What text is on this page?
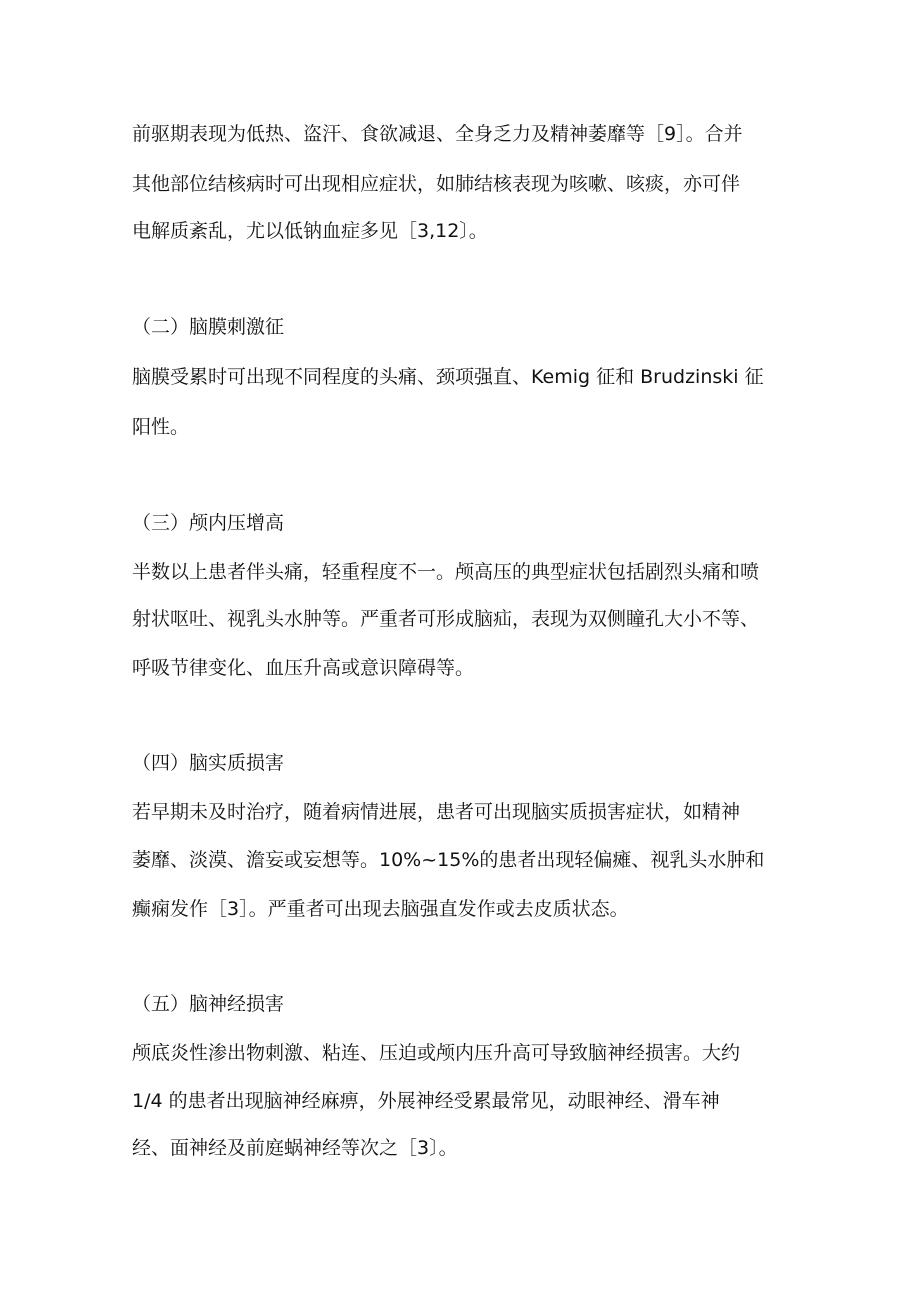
前驱期表现为低热、盗汗、食欲减退、全身乏力及精神萎靡等［9］。合并
其他部位结核病时可出现相应症状，如肺结核表现为咳嗽、咳痰，亦可伴
电解质紊乱，尤以低钠血症多见［3,12〕。
（二）脑膜刺激征
脑膜受累时可出现不同程度的头痛、颈项强直、Kemig 征和 Brudzinski 征
阳性。
（三）颅内压增高
半数以上患者伴头痛，轻重程度不一。颅高压的典型症状包括剧烈头痛和喷
射状呕吐、视乳头水肿等。严重者可形成脑疝，表现为双侧瞳孔大小不等、
呼吸节律变化、血压升高或意识障碍等。
（四）脑实质损害
若早期未及时治疗，随着病情进展，患者可出现脑实质损害症状，如精神
萎靡、淡漠、澹妄或妄想等。10%~15%的患者出现轻偏瘫、视乳头水肿和
癫痫发作［3］。严重者可出现去脑强直发作或去皮质状态。
（五）脑神经损害
颅底炎性渗出物刺激、粘连、压迫或颅内压升高可导致脑神经损害。大约
1/4 的患者出现脑神经麻痹，外展神经受累最常见，动眼神经、滑车神
经、面神经及前庭蜗神经等次之［3〕。
